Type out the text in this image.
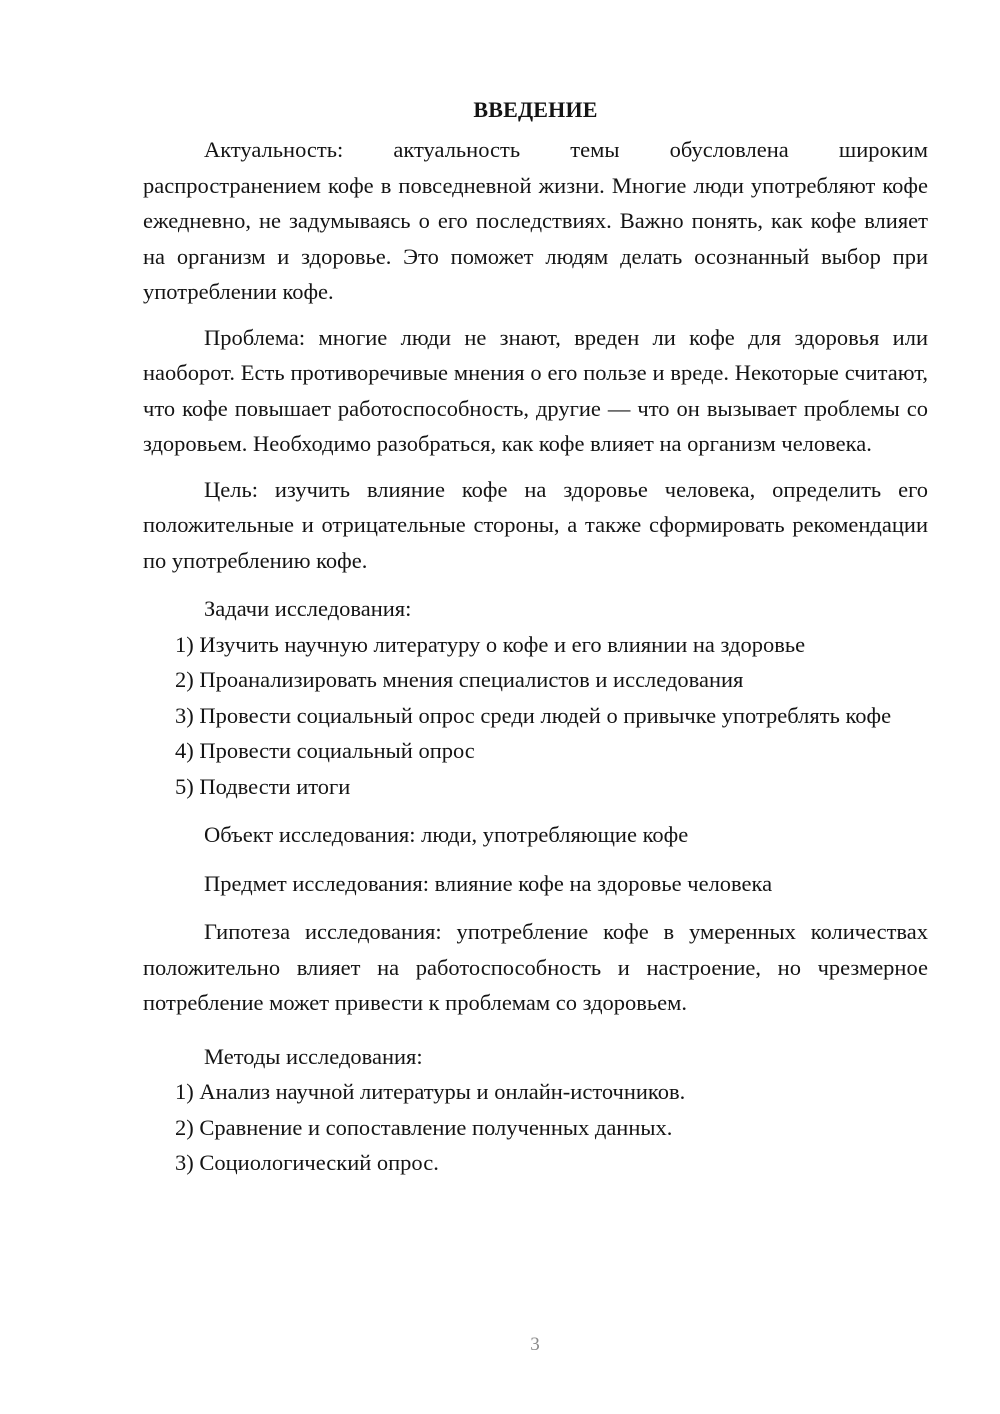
ВВЕДЕНИЕ

Актуальность: актуальность темы обусловлена широким распространением кофе в повседневной жизни. Многие люди употребляют кофе ежедневно, не задумываясь о его последствиях. Важно понять, как кофе влияет на организм и здоровье. Это поможет людям делать осознанный выбор при употреблении кофе.

Проблема: многие люди не знают, вреден ли кофе для здоровья или наоборот. Есть противоречивые мнения о его пользе и вреде. Некоторые считают, что кофе повышает работоспособность, другие — что он вызывает проблемы со здоровьем. Необходимо разобраться, как кофе влияет на организм человека.

Цель: изучить влияние кофе на здоровье человека, определить его положительные и отрицательные стороны, а также сформировать рекомендации по употреблению кофе.

Задачи исследования:

1) Изучить научную литературу о кофе и его влиянии на здоровье

2) Проанализировать мнения специалистов и исследования

3) Провести социальный опрос среди людей о привычке употреблять кофе

4) Провести социальный опрос

5) Подвести итоги

Объект исследования: люди, употребляющие кофе

Предмет исследования: влияние кофе на здоровье человека

Гипотеза исследования: употребление кофе в умеренных количествах положительно влияет на работоспособность и настроение, но чрезмерное потребление может привести к проблемам со здоровьем.

Методы исследования:

1) Анализ научной литературы и онлайн-источников.

2) Сравнение и сопоставление полученных данных.

3) Социологический опрос.

3
